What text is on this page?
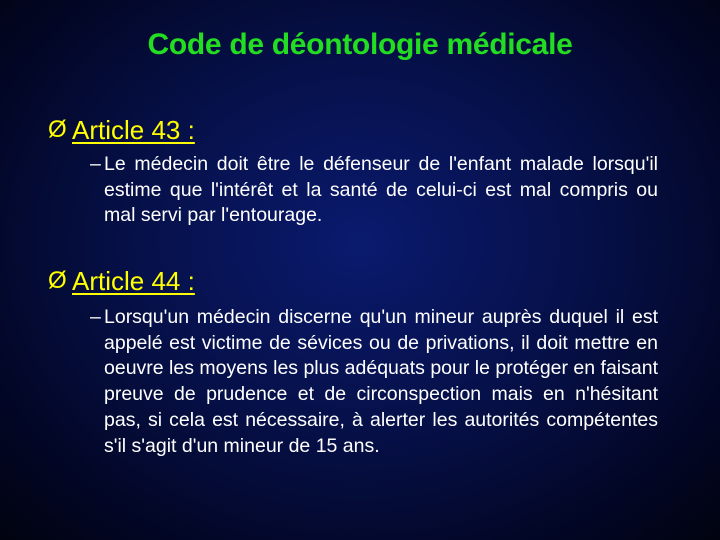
Code de déontologie médicale
Ø Article 43 :
– Le médecin doit être le défenseur de l'enfant malade lorsqu'il estime que l'intérêt et la santé de celui-ci est mal compris ou mal servi par l'entourage.
Ø Article 44 :
– Lorsqu'un médecin discerne qu'un mineur auprès duquel il est appelé est victime de sévices ou de privations, il doit mettre en oeuvre les moyens les plus adéquats pour le protéger en faisant preuve de prudence et de circonspection mais en n'hésitant pas, si cela est nécessaire, à alerter les autorités compétentes s'il s'agit d'un mineur de 15 ans.
